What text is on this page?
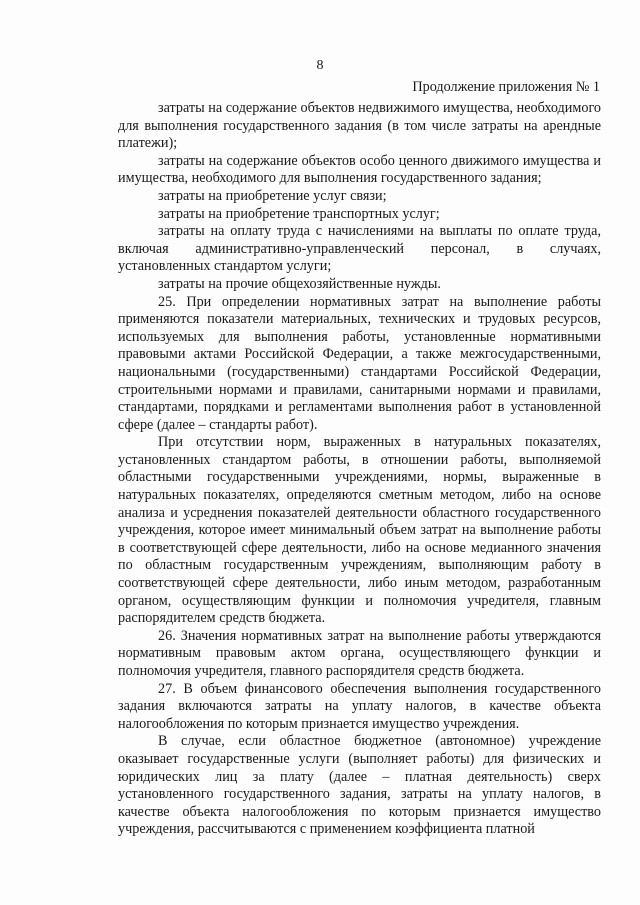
8
Продолжение приложения № 1

затраты на содержание объектов недвижимого имущества, необходимого для выполнения государственного задания (в том числе затраты на арендные платежи);

затраты на содержание объектов особо ценного движимого имущества и имущества, необходимого для выполнения государственного задания;

затраты на приобретение услуг связи;

затраты на приобретение транспортных услуг;

затраты на оплату труда с начислениями на выплаты по оплате труда, включая административно-управленческий персонал, в случаях, установленных стандартом услуги;

затраты на прочие общехозяйственные нужды.

25. При определении нормативных затрат на выполнение работы применяются показатели материальных, технических и трудовых ресурсов, используемых для выполнения работы, установленные нормативными правовыми актами Российской Федерации, а также межгосударственными, национальными (государственными) стандартами Российской Федерации, строительными нормами и правилами, санитарными нормами и правилами, стандартами, порядками и регламентами выполнения работ в установленной сфере (далее – стандарты работ).

При отсутствии норм, выраженных в натуральных показателях, установленных стандартом работы, в отношении работы, выполняемой областными государственными учреждениями, нормы, выраженные в натуральных показателях, определяются сметным методом, либо на основе анализа и усреднения показателей деятельности областного государственного учреждения, которое имеет минимальный объем затрат на выполнение работы в соответствующей сфере деятельности, либо на основе медианного значения по областным государственным учреждениям, выполняющим работу в соответствующей сфере деятельности, либо иным методом, разработанным органом, осуществляющим функции и полномочия учредителя, главным распорядителем средств бюджета.

26. Значения нормативных затрат на выполнение работы утверждаются нормативным правовым актом органа, осуществляющего функции и полномочия учредителя, главного распорядителя средств бюджета.

27. В объем финансового обеспечения выполнения государственного задания включаются затраты на уплату налогов, в качестве объекта налогообложения по которым признается имущество учреждения.

В случае, если областное бюджетное (автономное) учреждение оказывает государственные услуги (выполняет работы) для физических и юридических лиц за плату (далее – платная деятельность) сверх установленного государственного задания, затраты на уплату налогов, в качестве объекта налогообложения по которым признается имущество учреждения, рассчитываются с применением коэффициента платной
